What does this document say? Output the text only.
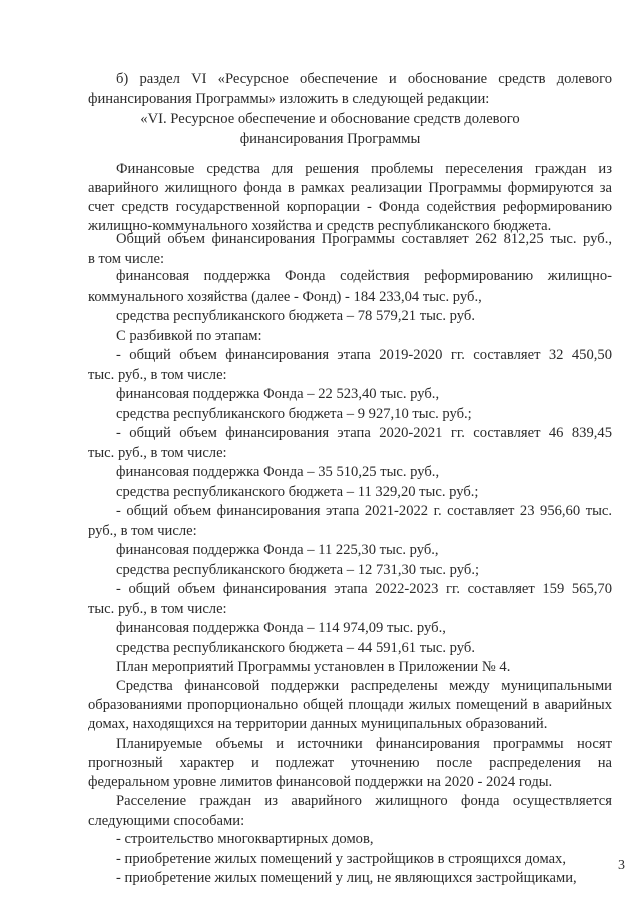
б) раздел VI «Ресурсное обеспечение и обоснование средств долевого
финансирования Программы» изложить в следующей редакции:
«VI. Ресурсное обеспечение и обоснование средств долевого
финансирования Программы
Финансовые средства для решения проблемы переселения граждан из
аварийного жилищного фонда в рамках реализации Программы формируются за
счет средств государственной корпорации - Фонда содействия реформированию
жилищно-коммунального хозяйства и средств республиканского бюджета.
Общий объем финансирования Программы составляет 262 812,25 тыс. руб.,
в том числе:
финансовая поддержка Фонда содействия реформированию жилищно-
коммунального хозяйства (далее - Фонд) - 184 233,04 тыс. руб.,
средства республиканского бюджета – 78 579,21 тыс. руб.
С разбивкой по этапам:
- общий объем финансирования этапа 2019-2020 гг. составляет 32 450,50
тыс. руб., в том числе:
финансовая поддержка Фонда – 22 523,40 тыс. руб.,
средства республиканского бюджета – 9 927,10 тыс. руб.;
- общий объем финансирования этапа 2020-2021 гг. составляет 46 839,45
тыс. руб., в том числе:
финансовая поддержка Фонда – 35 510,25 тыс. руб.,
средства республиканского бюджета – 11 329,20 тыс. руб.;
- общий объем финансирования этапа 2021-2022 г. составляет 23 956,60 тыс.
руб., в том числе:
финансовая поддержка Фонда – 11 225,30 тыс. руб.,
средства республиканского бюджета – 12 731,30 тыс. руб.;
- общий объем финансирования этапа 2022-2023 гг. составляет 159 565,70
тыс. руб., в том числе:
финансовая поддержка Фонда – 114 974,09 тыс. руб.,
средства республиканского бюджета – 44 591,61 тыс. руб.
План мероприятий Программы установлен в Приложении № 4.
Средства финансовой поддержки распределены между муниципальными
образованиями пропорционально общей площади жилых помещений в аварийных
домах, находящихся на территории данных муниципальных образований.
Планируемые объемы и источники финансирования программы носят
прогнозный характер и подлежат уточнению после распределения на
федеральном уровне лимитов финансовой поддержки на 2020 - 2024 годы.
Расселение граждан из аварийного жилищного фонда осуществляется
следующими способами:
- строительство многоквартирных домов,
- приобретение жилых помещений у застройщиков в строящихся домах,
- приобретение жилых помещений у лиц, не являющихся застройщиками,
3
